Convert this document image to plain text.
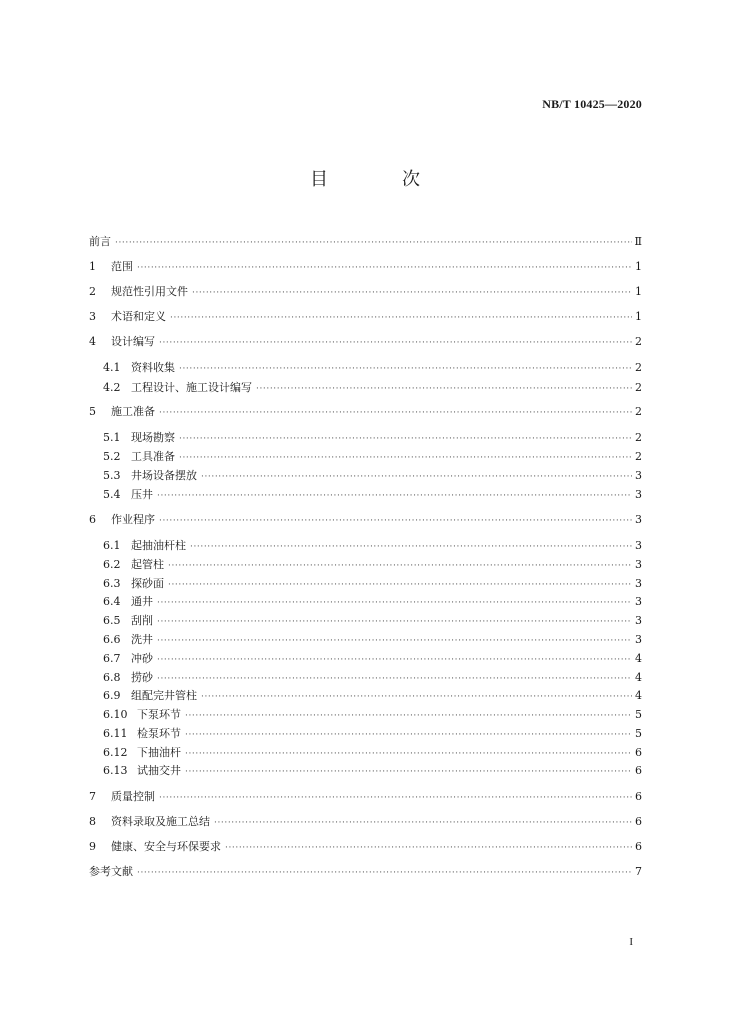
NB/T 10425—2020
目　次
前言 ·····	Ⅱ
1	范围 ·····	1
2	规范性引用文件 ·····	1
3	术语和定义 ·····	1
4	设计编写 ·····	2
4.1 资料收集 ·····	2
4.2 工程设计、施工设计编写 ·····	2
5	施工准备 ·····	2
5.1 现场勘察 ·····	2
5.2 工具准备 ·····	2
5.3 井场设备摆放 ·····	3
5.4 压井 ·····	3
6	作业程序 ·····	3
6.1 起抽油杆柱 ·····	3
6.2 起管柱 ·····	3
6.3 探砂面 ·····	3
6.4 通井 ·····	3
6.5 刮削 ·····	3
6.6 洗井 ·····	3
6.7 冲砂 ·····	4
6.8 捞砂 ·····	4
6.9 组配完井管柱 ·····	4
6.10 下泵环节 ·····	5
6.11 检泵环节 ·····	5
6.12 下抽油杆 ·····	6
6.13 试抽交井 ·····	6
7	质量控制 ·····	6
8	资料录取及施工总结 ·····	6
9	健康、安全与环保要求 ·····	6
参考文献 ·····	7
I
